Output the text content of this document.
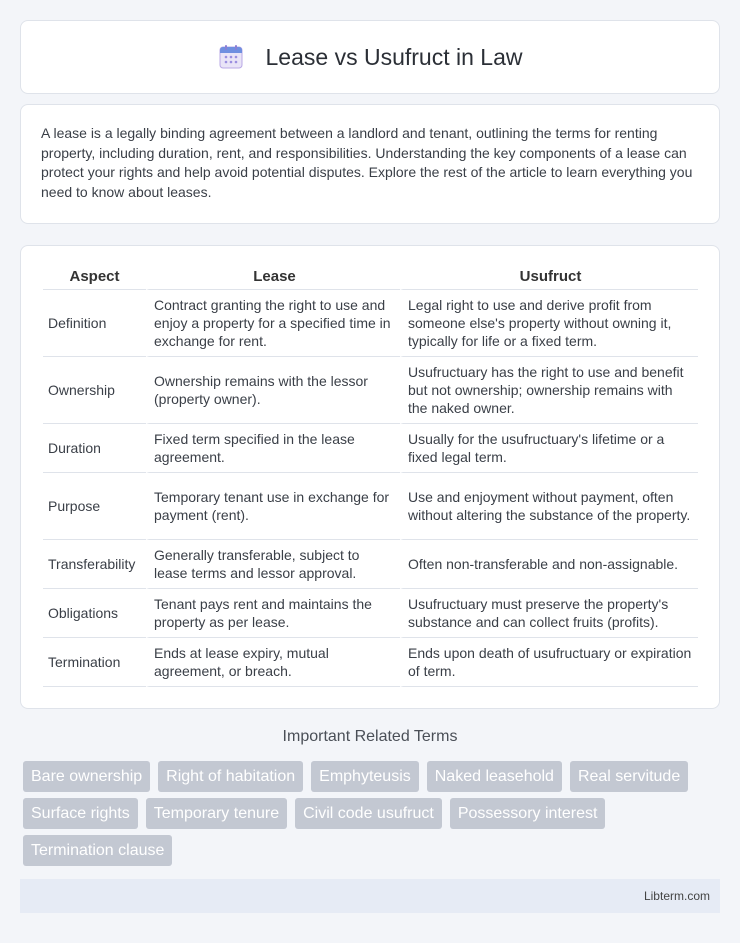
Lease vs Usufruct in Law

A lease is a legally binding agreement between a landlord and tenant, outlining the terms for renting property, including duration, rent, and responsibilities. Understanding the key components of a lease can protect your rights and help avoid potential disputes. Explore the rest of the article to learn everything you need to know about leases.

Aspect	Lease	Usufruct
Definition	Contract granting the right to use and enjoy a property for a specified time in exchange for rent.	Legal right to use and derive profit from someone else's property without owning it, typically for life or a fixed term.
Ownership	Ownership remains with the lessor (property owner).	Usufructuary has the right to use and benefit but not ownership; ownership remains with the naked owner.
Duration	Fixed term specified in the lease agreement.	Usually for the usufructuary's lifetime or a fixed legal term.
Purpose	Temporary tenant use in exchange for payment (rent).	Use and enjoyment without payment, often without altering the substance of the property.
Transferability	Generally transferable, subject to lease terms and lessor approval.	Often non-transferable and non-assignable.
Obligations	Tenant pays rent and maintains the property as per lease.	Usufructuary must preserve the property's substance and can collect fruits (profits).
Termination	Ends at lease expiry, mutual agreement, or breach.	Ends upon death of usufructuary or expiration of term.
Important Related Terms
Bare ownership	Right of habitation	Emphyteusis	Naked leasehold	Real servitude
Surface rights	Temporary tenure	Civil code usufruct	Possessory interest
Termination clause
Libterm.com
